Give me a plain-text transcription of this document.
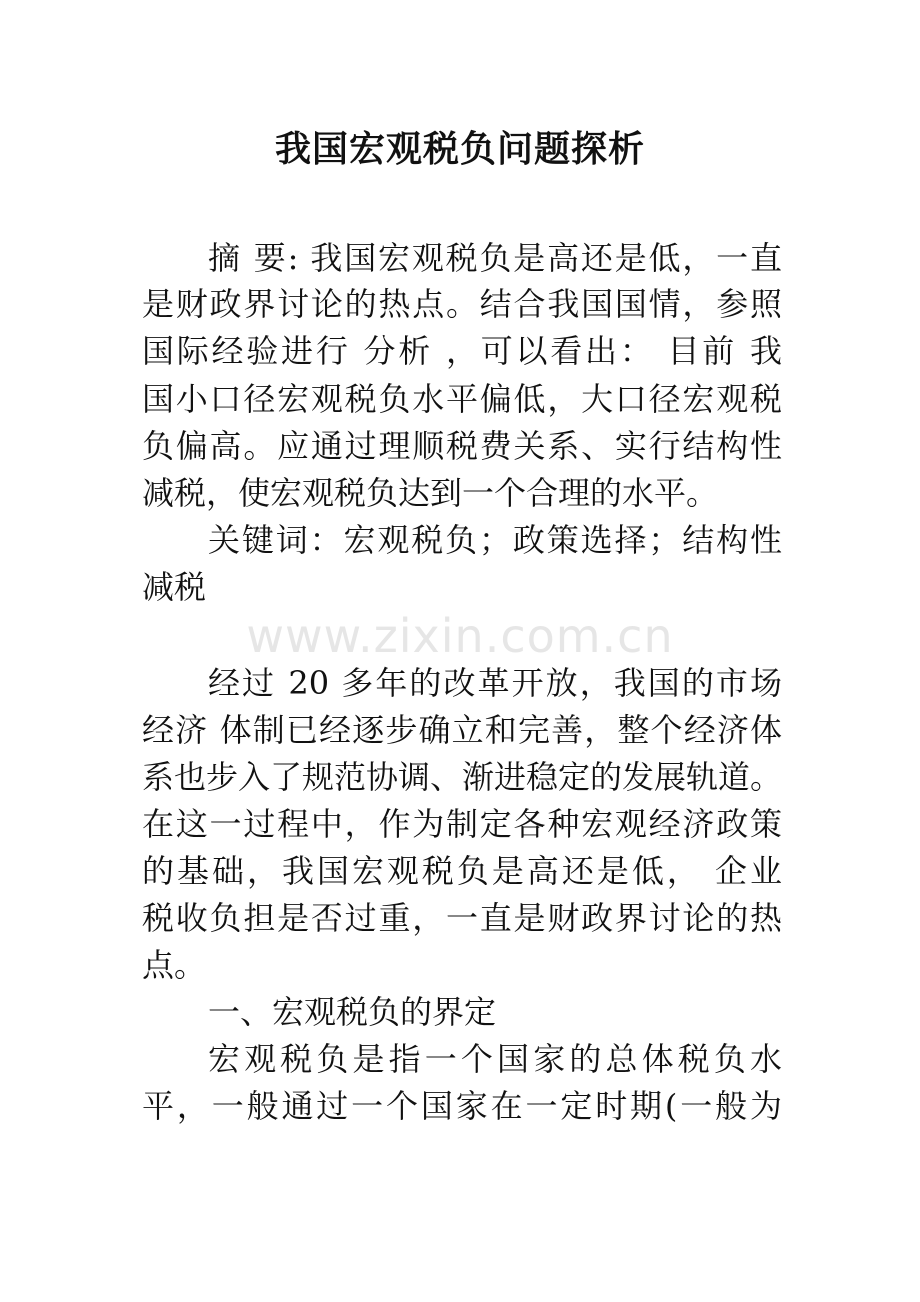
我国宏观税负问题探析
摘 要: 我国宏观税负是高还是低，一直
是财政界讨论的热点。结合我国国情，参照
国际经验进行 分析 ，可以看出： 目前 我
国小口径宏观税负水平偏低，大口径宏观税
负偏高。应通过理顺税费关系、实行结构性
减税，使宏观税负达到一个合理的水平。
关键词：宏观税负；政策选择；结构性
减税
www.zixin.com.cn
经过 20 多年的改革开放，我国的市场
经济 体制已经逐步确立和完善，整个经济体
系也步入了规范协调、渐进稳定的发展轨道。
在这一过程中，作为制定各种宏观经济政策
的基础，我国宏观税负是高还是低， 企业
税收负担是否过重，一直是财政界讨论的热
点。
一、宏观税负的界定
宏观税负是指一个国家的总体税负水
平，一般通过一个国家在一定时期(一般为
